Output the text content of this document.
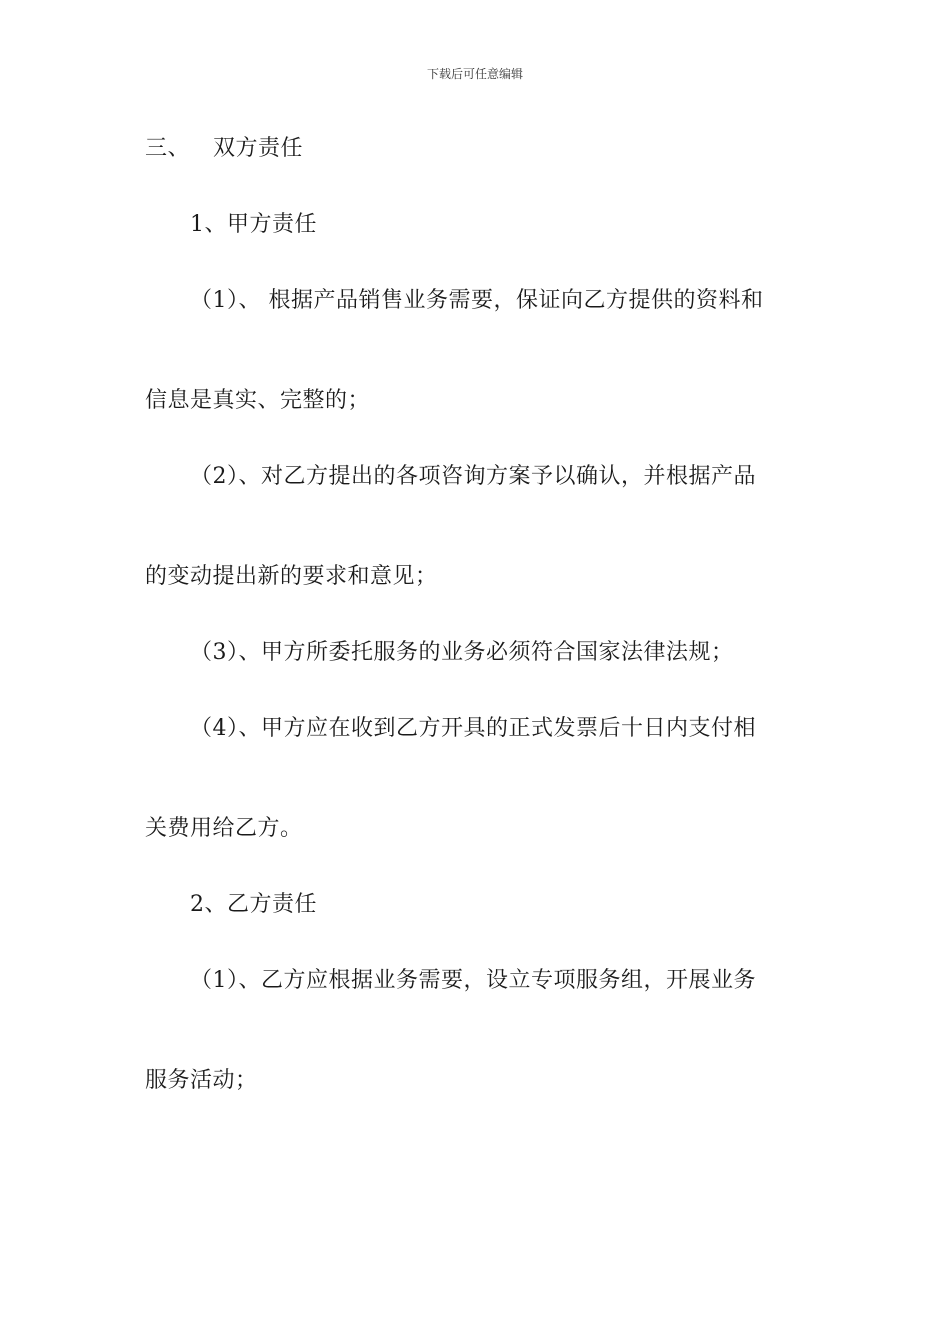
下载后可任意编辑
三、 双方责任
1、甲方责任
（1）、 根据产品销售业务需要，保证向乙方提供的资料和
信息是真实、完整的；
（2）、对乙方提出的各项咨询方案予以确认，并根据产品
的变动提出新的要求和意见；
（3）、甲方所委托服务的业务必须符合国家法律法规；
（4）、甲方应在收到乙方开具的正式发票后十日内支付相
关费用给乙方。
2、乙方责任
（1）、乙方应根据业务需要，设立专项服务组，开展业务
服务活动；
